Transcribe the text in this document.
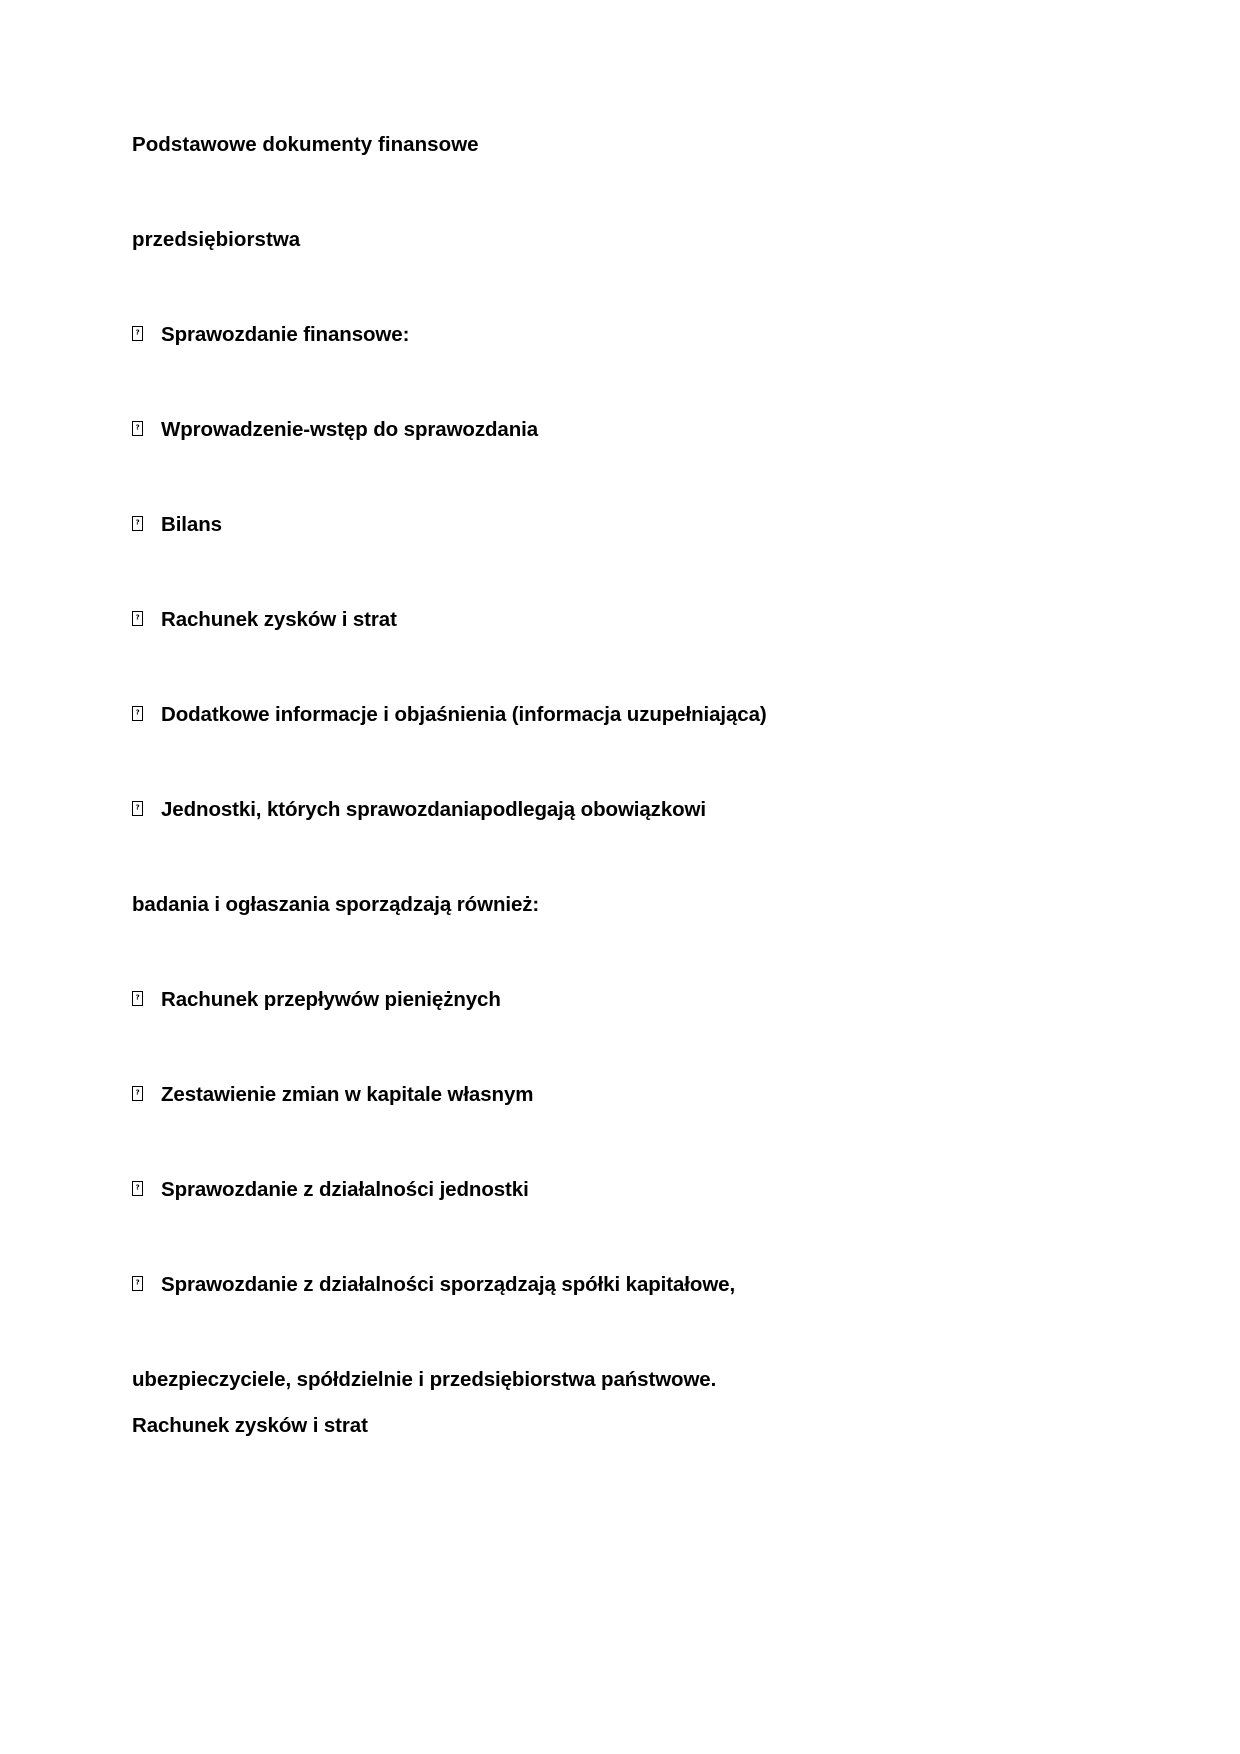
Podstawowe dokumenty finansowe

przedsiębiorstwa

? Sprawozdanie finansowe:

? Wprowadzenie-wstęp do sprawozdania

? Bilans

? Rachunek zysków i strat

? Dodatkowe informacje i objaśnienia (informacja uzupełniająca)

? Jednostki, których sprawozdaniapodlegają obowiązkowi

badania i ogłaszania sporządzają również:

? Rachunek przepływów pieniężnych

? Zestawienie zmian w kapitale własnym

? Sprawozdanie z działalności jednostki

? Sprawozdanie z działalności sporządzają spółki kapitałowe,

ubezpieczyciele, spółdzielnie i przedsiębiorstwa państwowe.

Rachunek zysków i strat
